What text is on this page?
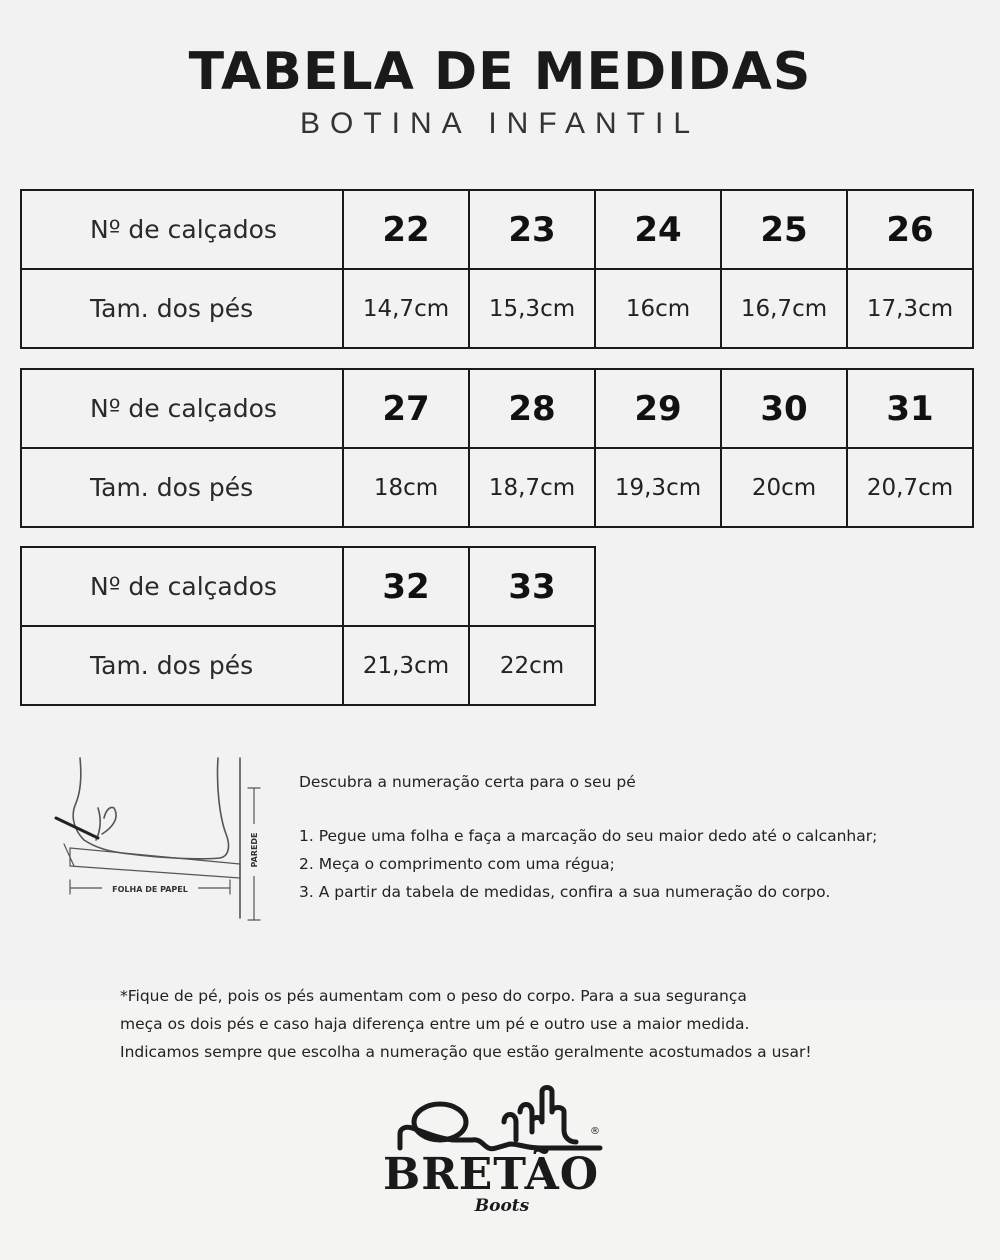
TABELA DE MEDIDAS
BOTINA INFANTIL
Nº de calçados	22	23	24	25	26
Tam. dos pés	14,7cm	15,3cm	16cm	16,7cm	17,3cm
Nº de calçados	27	28	29	30	31
Tam. dos pés	18cm	18,7cm	19,3cm	20cm	20,7cm
Nº de calçados	32	33
Tam. dos pés	21,3cm	22cm
FOLHA DE PAPEL
PAREDE
Descubra a numeração certa para o seu pé
1. Pegue uma folha e faça a marcação do seu maior dedo até o calcanhar;
2. Meça o comprimento com uma régua;
3. A partir da tabela de medidas, confira a sua numeração do corpo.
*Fique de pé, pois os pés aumentam com o peso do corpo. Para a sua segurança
meça os dois pés e caso haja diferença entre um pé e outro use a maior medida.
Indicamos sempre que escolha a numeração que estão geralmente acostumados a usar!
BRETÃO
Boots
®
